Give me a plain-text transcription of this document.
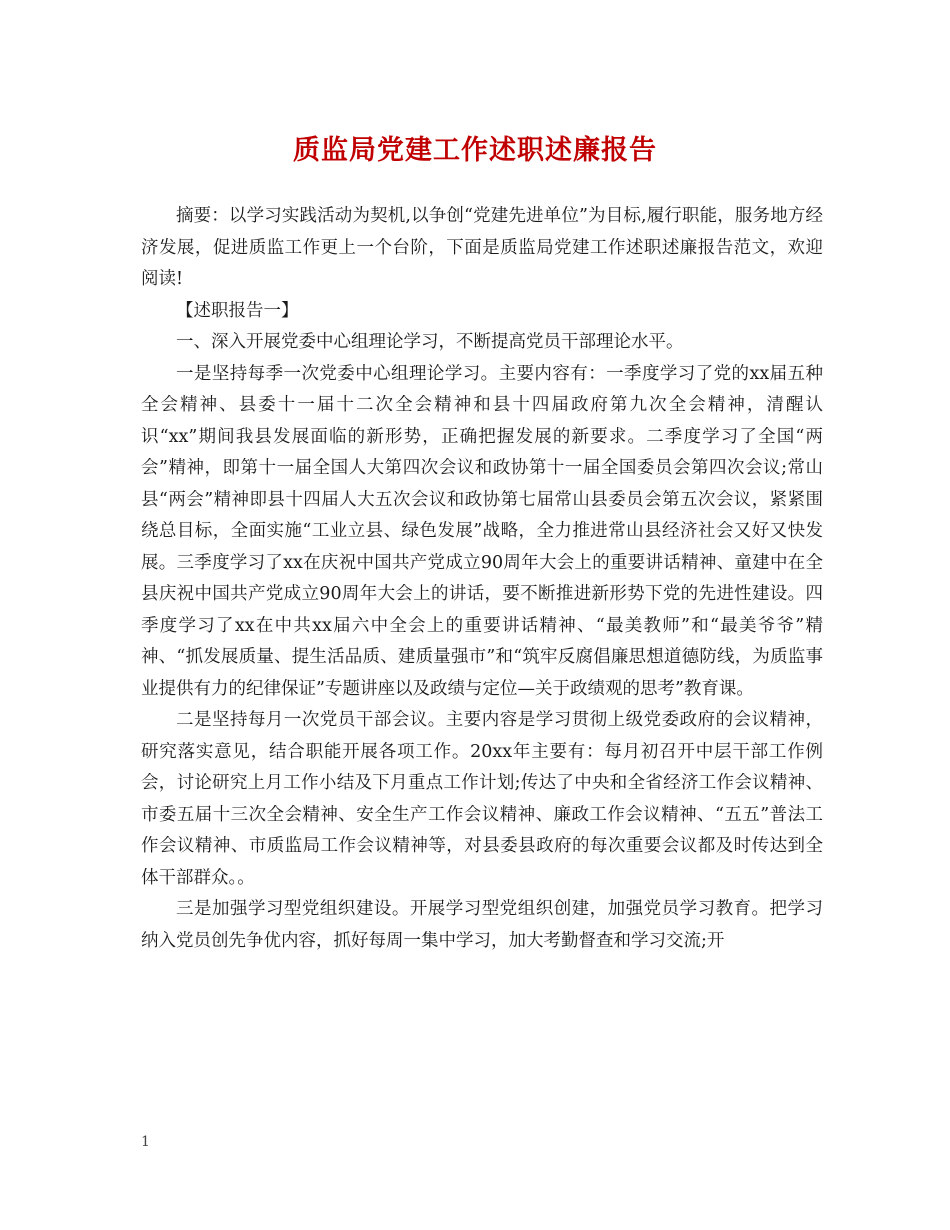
质监局党建工作述职述廉报告

摘要：以学习实践活动为契机,以争创“党建先进单位”为目标,履行职能，服务地方经济发展，促进质监工作更上一个台阶，下面是质监局党建工作述职述廉报告范文，欢迎阅读!

【述职报告一】

一、深入开展党委中心组理论学习，不断提高党员干部理论水平。

一是坚持每季一次党委中心组理论学习。主要内容有：一季度学习了党的xx届五种全会精神、县委十一届十二次全会精神和县十四届政府第九次全会精神，清醒认识“xx”期间我县发展面临的新形势，正确把握发展的新要求。二季度学习了全国“两会”精神，即第十一届全国人大第四次会议和政协第十一届全国委员会第四次会议;常山县“两会”精神即县十四届人大五次会议和政协第七届常山县委员会第五次会议，紧紧围绕总目标，全面实施“工业立县、绿色发展”战略，全力推进常山县经济社会又好又快发展。三季度学习了xx在庆祝中国共产党成立90周年大会上的重要讲话精神、童建中在全县庆祝中国共产党成立90周年大会上的讲话，要不断推进新形势下党的先进性建设。四季度学习了xx在中共xx届六中全会上的重要讲话精神、“最美教师”和“最美爷爷”精神、“抓发展质量、提生活品质、建质量强市”和“筑牢反腐倡廉思想道德防线，为质监事业提供有力的纪律保证”专题讲座以及政绩与定位—关于政绩观的思考”教育课。

二是坚持每月一次党员干部会议。主要内容是学习贯彻上级党委政府的会议精神，研究落实意见，结合职能开展各项工作。20xx年主要有：每月初召开中层干部工作例会，讨论研究上月工作小结及下月重点工作计划;传达了中央和全省经济工作会议精神、市委五届十三次全会精神、安全生产工作会议精神、廉政工作会议精神、“五五”普法工作会议精神、市质监局工作会议精神等，对县委县政府的每次重要会议都及时传达到全体干部群众。。

三是加强学习型党组织建设。开展学习型党组织创建，加强党员学习教育。把学习纳入党员创先争优内容，抓好每周一集中学习，加大考勤督查和学习交流;开

1
